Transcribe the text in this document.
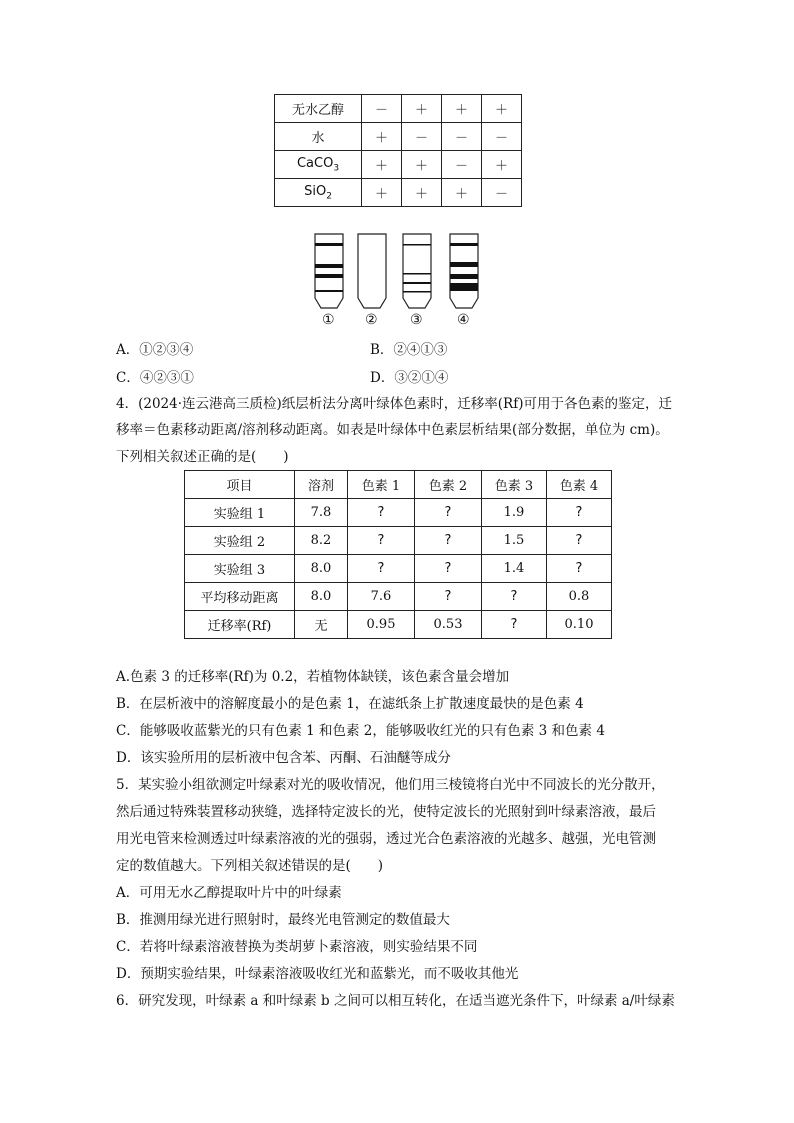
无水乙醇	－	＋	＋	＋
水	＋	－	－	－
CaCO$_3$	＋	＋	－	＋
SiO$_2$	＋	＋	＋	－
① ② ③ ④
A．①②③④	B．②④①③
C．④②③①	D．③②①④
4．(2024·连云港高三质检)纸层析法分离叶绿体色素时，迁移率(Rf)可用于各色素的鉴定，迁
移率＝色素移动距离/溶剂移动距离。如表是叶绿体中色素层析结果(部分数据，单位为 cm)。
下列相关叙述正确的是(　　)
项目	溶剂	色素 1	色素 2	色素 3	色素 4
实验组 1	7.8	?	?	1.9	?
实验组 2	8.2	?	?	1.5	?
实验组 3	8.0	?	?	1.4	?
平均移动距离	8.0	7.6	?	?	0.8
迁移率(Rf)	无	0.95	0.53	?	0.10
A.色素 3 的迁移率(Rf)为 0.2，若植物体缺镁，该色素含量会增加
B．在层析液中的溶解度最小的是色素 1，在滤纸条上扩散速度最快的是色素 4
C．能够吸收蓝紫光的只有色素 1 和色素 2，能够吸收红光的只有色素 3 和色素 4
D．该实验所用的层析液中包含苯、丙酮、石油醚等成分
5．某实验小组欲测定叶绿素对光的吸收情况，他们用三棱镜将白光中不同波长的光分散开，
然后通过特殊装置移动狭缝，选择特定波长的光，使特定波长的光照射到叶绿素溶液，最后
用光电管来检测透过叶绿素溶液的光的强弱，透过光合色素溶液的光越多、越强，光电管测
定的数值越大。下列相关叙述错误的是(　　)
A．可用无水乙醇提取叶片中的叶绿素
B．推测用绿光进行照射时，最终光电管测定的数值最大
C．若将叶绿素溶液替换为类胡萝卜素溶液，则实验结果不同
D．预期实验结果，叶绿素溶液吸收红光和蓝紫光，而不吸收其他光
6．研究发现，叶绿素 a 和叶绿素 b 之间可以相互转化，在适当遮光条件下，叶绿素 a/叶绿素
